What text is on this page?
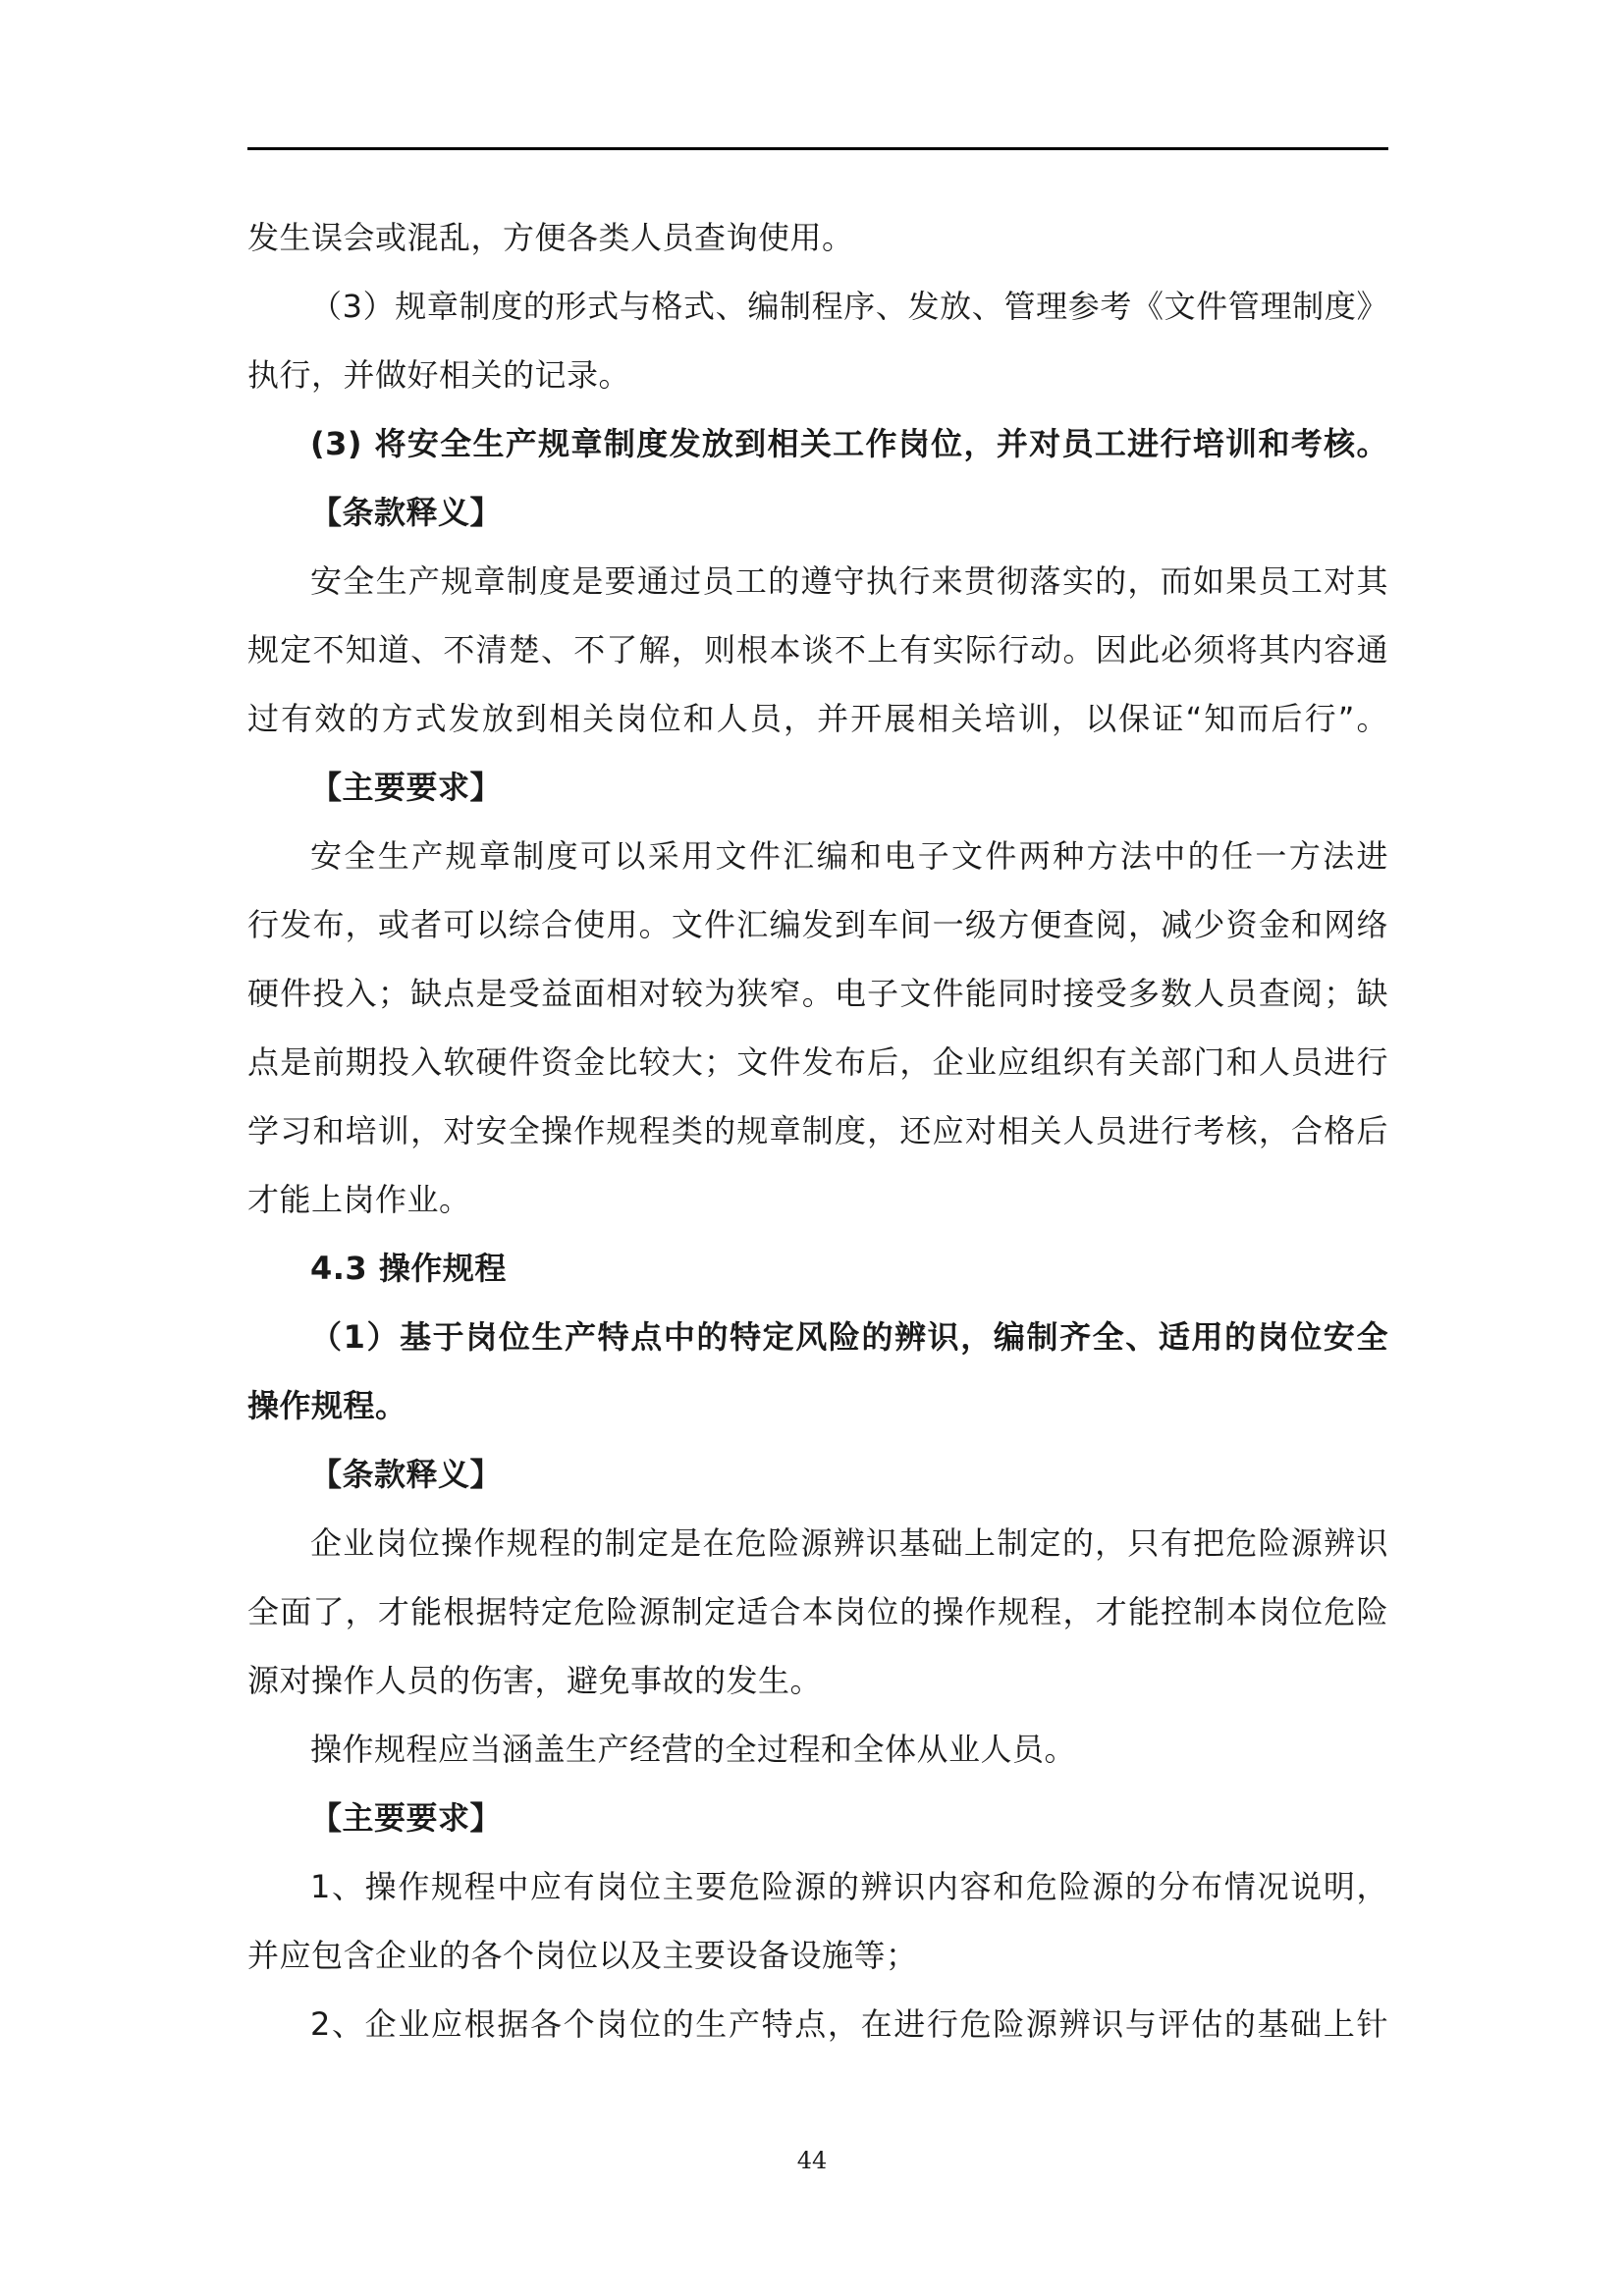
发生误会或混乱，方便各类人员查询使用。
（3）规章制度的形式与格式、编制程序、发放、管理参考《文件管理制度》
执行，并做好相关的记录。
(3) 将安全生产规章制度发放到相关工作岗位，并对员工进行培训和考核。
【条款释义】
安全生产规章制度是要通过员工的遵守执行来贯彻落实的，而如果员工对其
规定不知道、不清楚、不了解，则根本谈不上有实际行动。因此必须将其内容通
过有效的方式发放到相关岗位和人员，并开展相关培训，以保证“知而后行”。
【主要要求】
安全生产规章制度可以采用文件汇编和电子文件两种方法中的任一方法进
行发布，或者可以综合使用。文件汇编发到车间一级方便查阅，减少资金和网络
硬件投入；缺点是受益面相对较为狭窄。电子文件能同时接受多数人员查阅；缺
点是前期投入软硬件资金比较大；文件发布后，企业应组织有关部门和人员进行
学习和培训，对安全操作规程类的规章制度，还应对相关人员进行考核，合格后
才能上岗作业。
4.3 操作规程
（1）基于岗位生产特点中的特定风险的辨识，编制齐全、适用的岗位安全
操作规程。
【条款释义】
企业岗位操作规程的制定是在危险源辨识基础上制定的，只有把危险源辨识
全面了，才能根据特定危险源制定适合本岗位的操作规程，才能控制本岗位危险
源对操作人员的伤害，避免事故的发生。
操作规程应当涵盖生产经营的全过程和全体从业人员。
【主要要求】
1、操作规程中应有岗位主要危险源的辨识内容和危险源的分布情况说明，
并应包含企业的各个岗位以及主要设备设施等；
2、企业应根据各个岗位的生产特点，在进行危险源辨识与评估的基础上针
44
